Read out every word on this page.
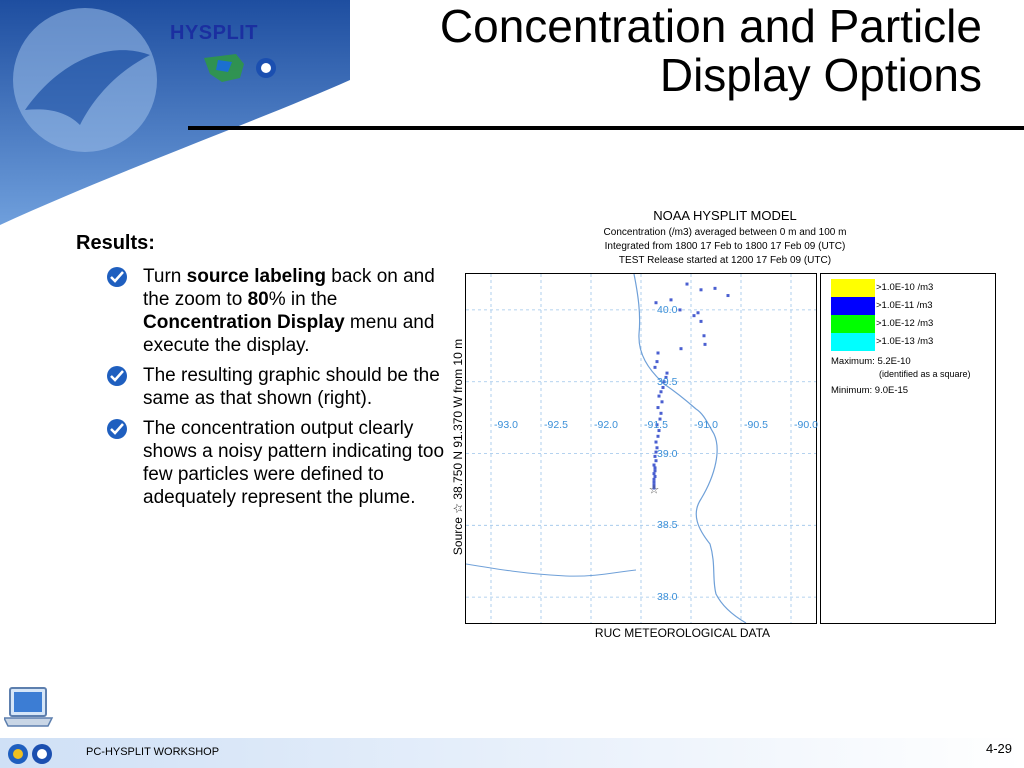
HYSPLIT	Concentration and Particle
Display Options
Results:
Turn source labeling back on and the zoom to 80% in the Concentration Display menu and execute the display.
The resulting graphic should be the same as that shown (right).
The concentration output clearly shows a noisy pattern indicating too few particles were defined to adequately represent the plume.
NOAA HYSPLIT MODEL
Concentration (/m3) averaged between 0 m and 100 m
Integrated from 1800 17 Feb to 1800 17 Feb 09 (UTC)
TEST Release started at 1200 17 Feb 09 (UTC)
Source ☆ 38.750 N 91.370 W from 10 m	☆
-93.0 -92.5 -92.0 -91.5 -91.0 -90.5 -90.0
40.0
39.5
39.0
38.5
38.0
>1.0E-10 /m3
>1.0E-11 /m3
>1.0E-12 /m3
>1.0E-13 /m3
Maximum: 5.2E-10
(identified as a square)
Minimum: 9.0E-15
RUC METEOROLOGICAL DATA
PC-HYSPLIT WORKSHOP	4-29
